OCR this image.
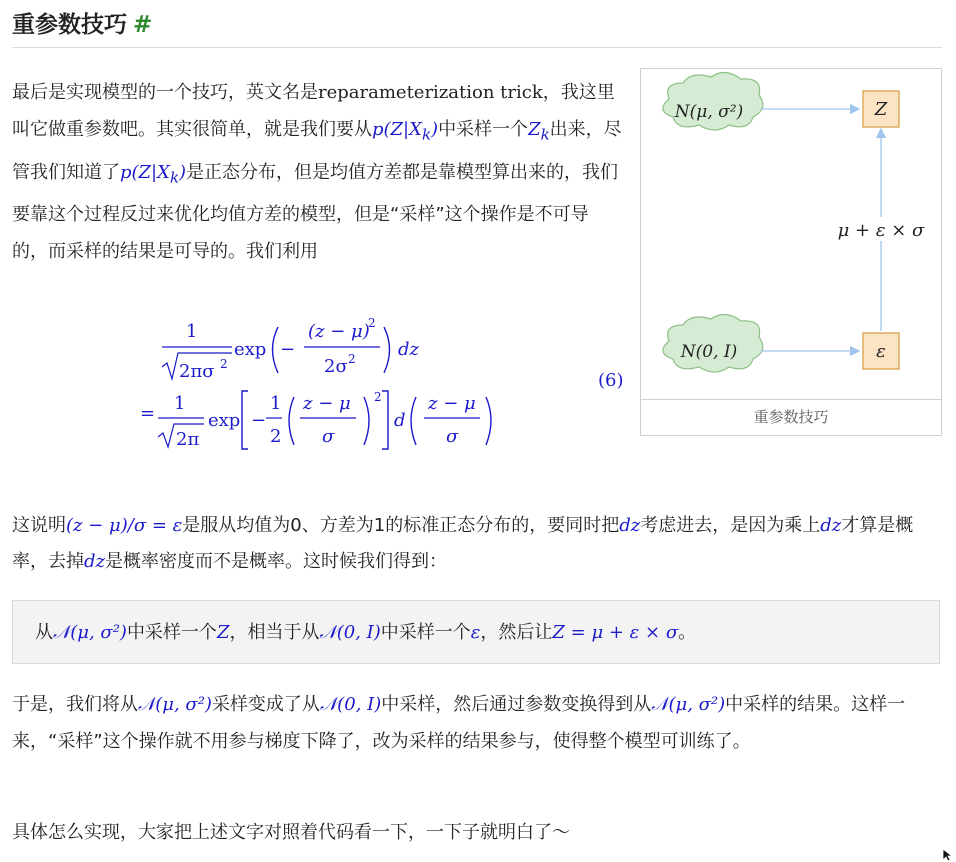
重参数技巧 #
最后是实现模型的一个技巧，英文名是reparameterization trick，我这里叫它做重参数吧。其实很简单，就是我们要从$p(Z|X_k)$中采样一个$Z_k$出来，尽管我们知道了$p(Z|X_k)$是正态分布，但是均值方差都是靠模型算出来的，我们要靠这个过程反过来优化均值方差的模型，但是“采样”这个操作是不可导的，而采样的结果是可导的。我们利用
1
2πσ 2
exp −
(z − μ)
2
2σ 2 dz
= 1
2π
exp −
1
2
z − μ
σ
2
d
z − μ
σ
(6)
N(μ, σ²)
N(0, I)
Z
ε
μ + ε × σ
重参数技巧
这说明(z − μ)/σ = ε是服从均值为0、方差为1的标准正态分布的，要同时把dz考虑进去，是因为乘上dz才算是概率，去掉dz是概率密度而不是概率。这时候我们得到：
从𝒩(μ, σ²)中采样一个Z，相当于从𝒩(0, I)中采样一个ε，然后让Z = μ + ε × σ。
于是，我们将从𝒩(μ, σ²)采样变成了从𝒩(0, I)中采样，然后通过参数变换得到从𝒩(μ, σ²)中采样的结果。这样一来，“采样”这个操作就不用参与梯度下降了，改为采样的结果参与，使得整个模型可训练了。
具体怎么实现，大家把上述文字对照着代码看一下，一下子就明白了～
